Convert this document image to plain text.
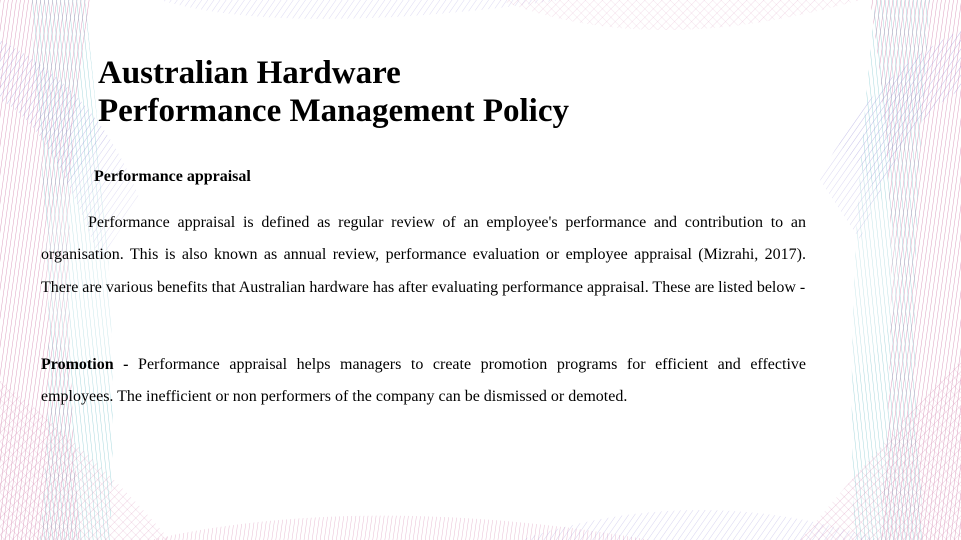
Australian Hardware
Performance Management Policy

Performance appraisal

Performance appraisal is defined as regular review of an employee's performance and contribution to an organisation. This is also known as annual review, performance evaluation or employee appraisal (Mizrahi, 2017). There are various benefits that Australian hardware has after evaluating performance appraisal. These are listed below -

Promotion - Performance appraisal helps managers to create promotion programs for efficient and effective employees. The inefficient or non performers of the company can be dismissed or demoted.
